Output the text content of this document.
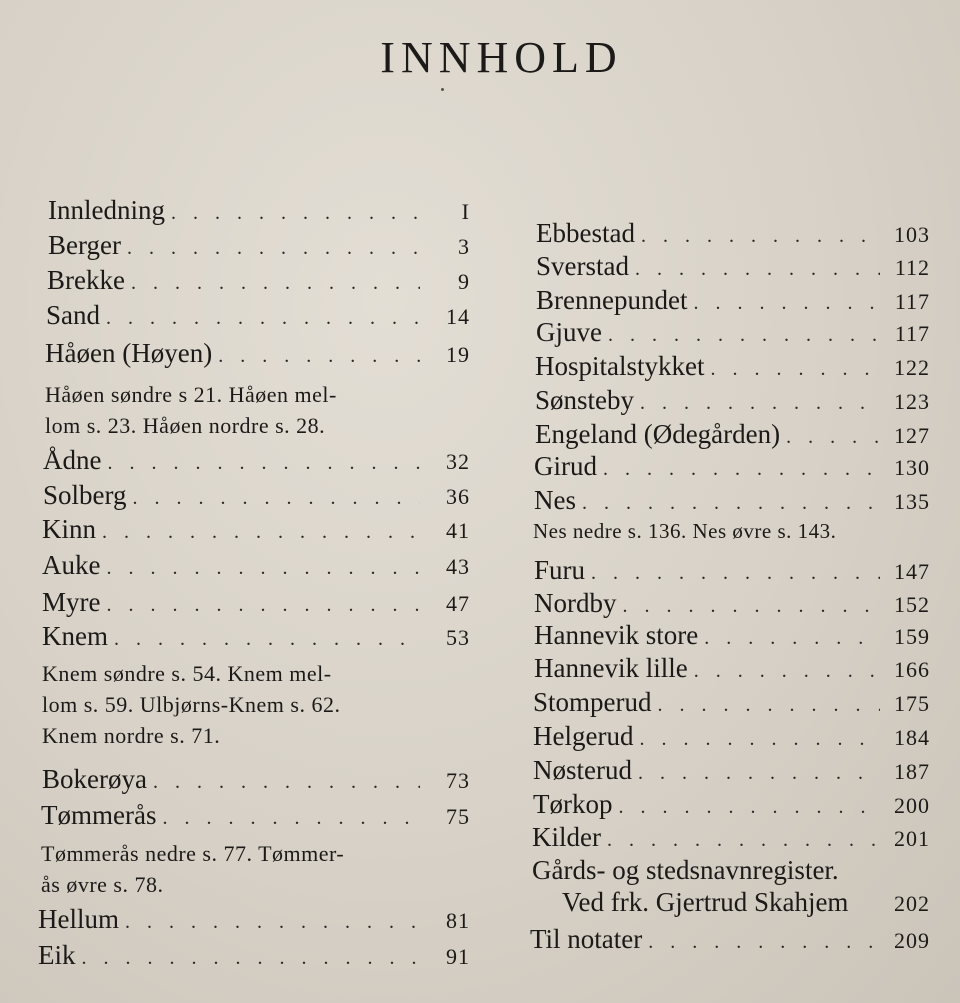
INNHOLD
Innledning . . .	I
Berger . . .	3
Brekke . . .	9
Sand . . .	14
Håøen (Høyen) . . .	19
Håøen søndre s 21. Håøen mel-
lom s. 23. Håøen nordre s. 28.
Ådne . . .	32
Solberg . . .	36
Kinn . . .	41
Auke . . .	43
Myre . . .	47
Knem . . .	53
Knem søndre s. 54. Knem mel-
lom s. 59. Ulbjørns-Knem s. 62.
Knem nordre s. 71.
Bokerøya . . .	73
Tømmerås . . .	75
Tømmerås nedre s. 77. Tømmer-
ås øvre s. 78.
Hellum . . .	81
Eik . . .	91
Ebbestad . . .	103
Sverstad . . .	112
Brennepundet . . .	117
Gjuve . . .	117
Hospitalstykket . . .	122
Sønsteby . . .	123
Engeland (Ødegården) . . .	127
Girud . . .	130
Nes . . .	135
Nes nedre s. 136. Nes øvre s. 143.
Furu . . .	147
Nordby . . .	152
Hannevik store . . .	159
Hannevik lille . . .	166
Stomperud . . .	175
Helgerud . . .	184
Nøsterud . . .	187
Tørkop . . .	200
Kilder . . .	201
Gårds- og stedsnavnregister.
Ved frk. Gjertrud Skahjem	202
Til notater . . .	209
